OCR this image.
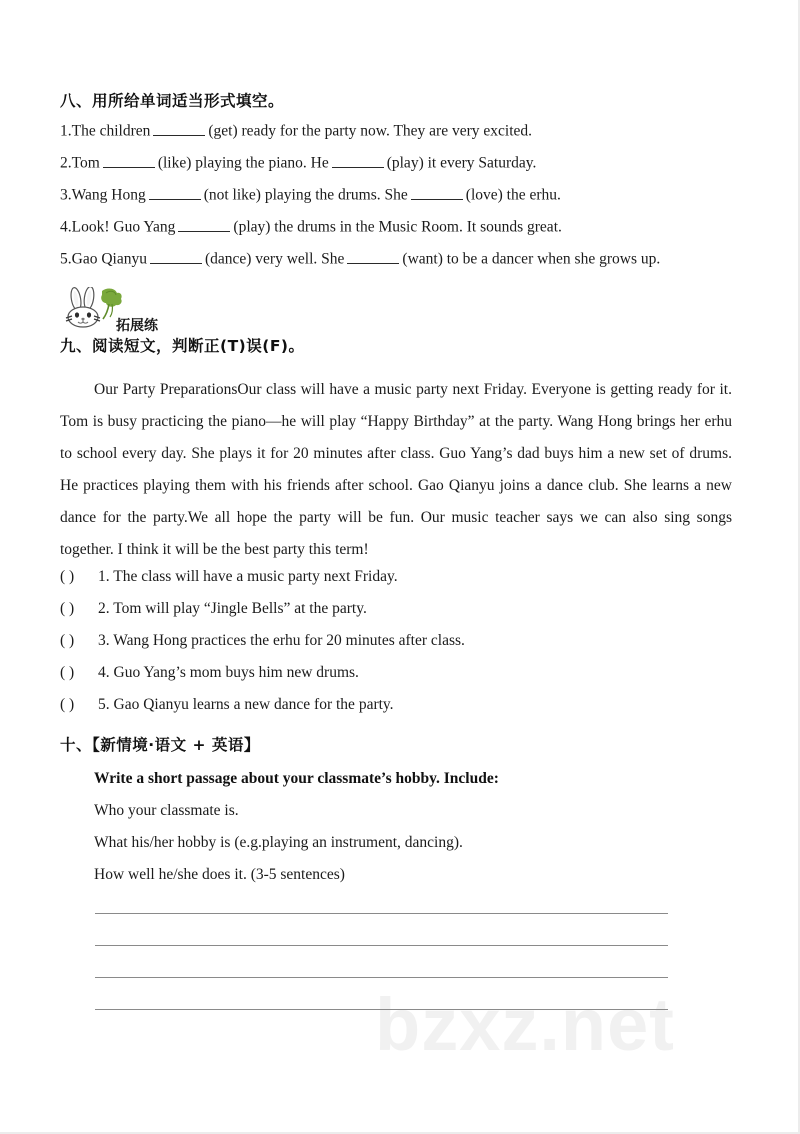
bzxz.net
八、用所给单词适当形式填空。
1.The children	(get) ready for the party now. They are very excited.
2.Tom	(like) playing the piano. He	(play) it every Saturday.
3.Wang Hong	(not like) playing the drums. She	(love) the erhu.
4.Look! Guo Yang	(play) the drums in the Music Room. It sounds great.
5.Gao Qianyu	(dance) very well. She	(want) to be a dancer when she grows up.
拓展练
九、阅读短文，判断正(T)误(F)。
Our Party PreparationsOur class will have a music party next Friday. Everyone is getting ready for it. Tom is busy practicing the piano—he will play “Happy Birthday” at the party. Wang Hong brings her erhu to school every day. She plays it for 20 minutes after class. Guo Yang’s dad buys him a new set of drums. He practices playing them with his friends after school. Gao Qianyu joins a dance club. She learns a new dance for the party.We all hope the party will be fun. Our music teacher says we can also sing songs together. I think it will be the best party this term!
( ) 1. The class will have a music party next Friday.
( ) 2. Tom will play “Jingle Bells” at the party.
( ) 3. Wang Hong practices the erhu for 20 minutes after class.
( ) 4. Guo Yang’s mom buys him new drums.
( ) 5. Gao Qianyu learns a new dance for the party.
十、【新情境·语文 + 英语】
Write a short passage about your classmate’s hobby. Include:
Who your classmate is.
What his/her hobby is (e.g.playing an instrument, dancing).
How well he/she does it. (3-5 sentences)
